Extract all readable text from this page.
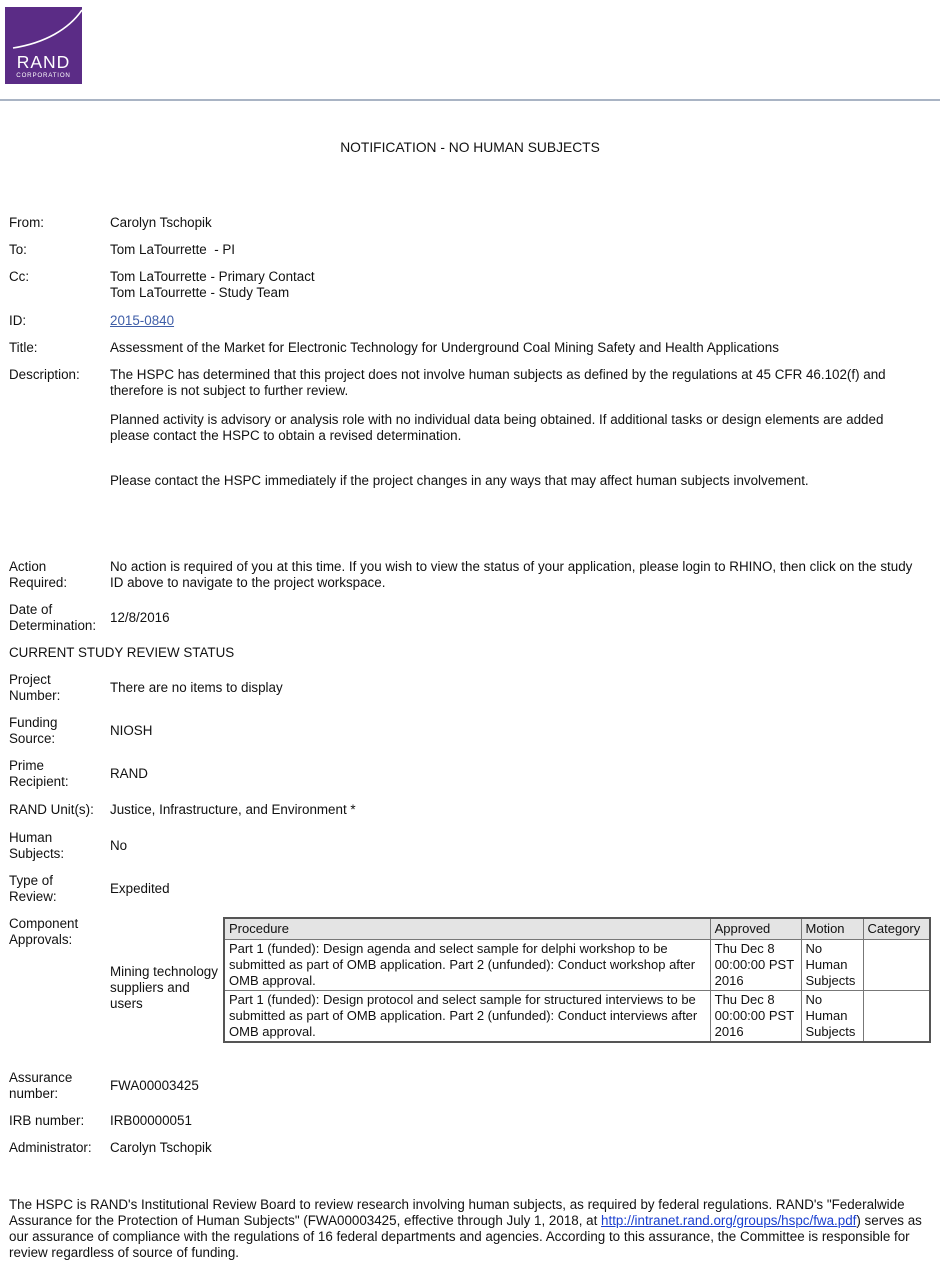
RAND
CORPORATION
NOTIFICATION - NO HUMAN SUBJECTS
From:	Carolyn Tschopik
To:	Tom LaTourrette  - PI
Cc:	Tom LaTourrette - Primary Contact
Tom LaTourrette - Study Team
ID:	2015-0840
Title:	Assessment of the Market for Electronic Technology for Underground Coal Mining Safety and Health Applications
Description: The HSPC has determined that this project does not involve human subjects as defined by the regulations at 45 CFR 46.102(f) and therefore is not subject to further review.
Planned activity is advisory or analysis role with no individual data being obtained. If additional tasks or design elements are added please contact the HSPC to obtain a revised determination.
Please contact the HSPC immediately if the project changes in any ways that may affect human subjects involvement.
Action
Required:
No action is required of you at this time. If you wish to view the status of your application, please login to RHINO, then click on the study ID above to navigate to the project workspace.
Date of
Determination:
12/8/2016
CURRENT STUDY REVIEW STATUS
Project
Number:
There are no items to display
Funding
Source:
NIOSH
Prime
Recipient:
RAND
RAND Unit(s): Justice, Infrastructure, and Environment *
Human
Subjects:
No
Type of
Review:
Expedited
Component
Approvals:
Mining technology suppliers and users
Procedure	Approved	Motion	Category
Part 1 (funded): Design agenda and select sample for delphi workshop to be submitted as part of OMB application. Part 2 (unfunded): Conduct workshop after OMB approval.	Thu Dec 8 00:00:00 PST 2016	No Human Subjects	
Part 1 (funded): Design protocol and select sample for structured interviews to be submitted as part of OMB application. Part 2 (unfunded): Conduct interviews after OMB approval.	Thu Dec 8 00:00:00 PST 2016	No Human Subjects	
Assurance
number:
FWA00003425
IRB number: IRB00000051
Administrator: Carolyn Tschopik
The HSPC is RAND's Institutional Review Board to review research involving human subjects, as required by federal regulations. RAND's "Federalwide Assurance for the Protection of Human Subjects" (FWA00003425, effective through July 1, 2018, at http://intranet.rand.org/groups/hspc/fwa.pdf) serves as our assurance of compliance with the regulations of 16 federal departments and agencies. According to this assurance, the Committee is responsible for review regardless of source of funding.
